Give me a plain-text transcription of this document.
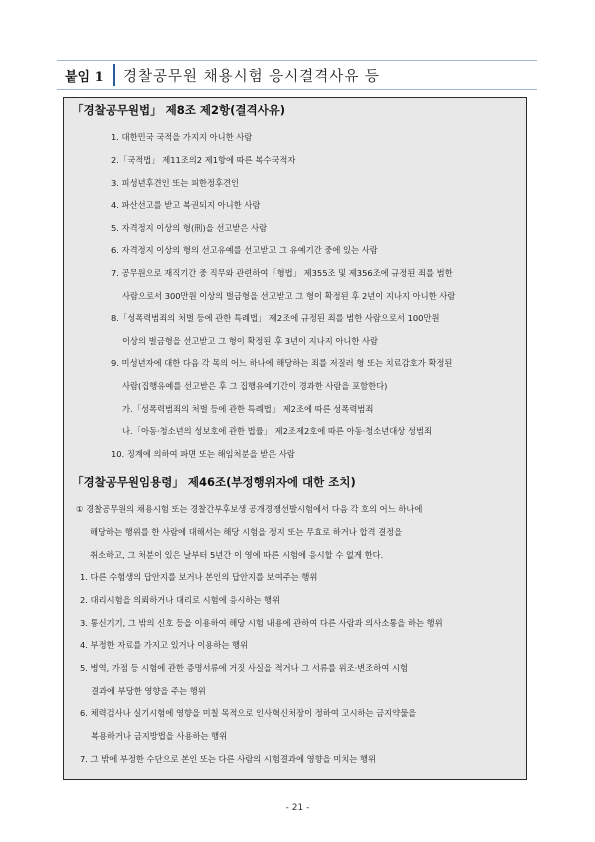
붙임 1	경찰공무원 채용시험 응시결격사유 등
「경찰공무원법」 제8조 제2항(결격사유)
1. 대한민국 국적을 가지지 아니한 사람
2.「국적법」 제11조의2 제1항에 따른 복수국적자
3. 피성년후견인 또는 피한정후견인
4. 파산선고를 받고 복권되지 아니한 사람
5. 자격정지 이상의 형(刑)을 선고받은 사람
6. 자격정지 이상의 형의 선고유예를 선고받고 그 유예기간 중에 있는 사람
7. 공무원으로 재직기간 중 직무와 관련하여「형법」 제355조 및 제356조에 규정된 죄를 범한
사람으로서 300만원 이상의 벌금형을 선고받고 그 형이 확정된 후 2년이 지나지 아니한 사람
8.「성폭력범죄의 처벌 등에 관한 특례법」 제2조에 규정된 죄를 범한 사람으로서 100만원
이상의 벌금형을 선고받고 그 형이 확정된 후 3년이 지나지 아니한 사람
9. 미성년자에 대한 다음 각 목의 어느 하나에 해당하는 죄를 저질러 형 또는 치료감호가 확정된
사람(집행유예를 선고받은 후 그 집행유예기간이 경과한 사람을 포함한다)
가.「성폭력범죄의 처벌 등에 관한 특례법」 제2조에 따른 성폭력범죄
나.「아동·청소년의 성보호에 관한 법률」 제2조제2호에 따른 아동·청소년대상 성범죄
10. 징계에 의하여 파면 또는 해임처분을 받은 사람
「경찰공무원임용령」 제46조(부정행위자에 대한 조치)
① 경찰공무원의 채용시험 또는 경찰간부후보생 공개경쟁선발시험에서 다음 각 호의 어느 하나에
해당하는 행위를 한 사람에 대해서는 해당 시험을 정지 또는 무효로 하거나 합격 결정을
취소하고, 그 처분이 있은 날부터 5년간 이 영에 따른 시험에 응시할 수 없게 한다.
1. 다른 수험생의 답안지를 보거나 본인의 답안지를 보여주는 행위
2. 대리시험을 의뢰하거나 대리로 시험에 응시하는 행위
3. 통신기기, 그 밖의 신호 등을 이용하여 해당 시험 내용에 관하여 다른 사람과 의사소통을 하는 행위
4. 부정한 자료를 가지고 있거나 이용하는 행위
5. 병역, 가점 등 시험에 관한 증명서류에 거짓 사실을 적거나 그 서류를 위조·변조하여 시험
결과에 부당한 영향을 주는 행위
6. 체력검사나 실기시험에 영향을 미칠 목적으로 인사혁신처장이 정하여 고시하는 금지약물을
복용하거나 금지방법을 사용하는 행위
7. 그 밖에 부정한 수단으로 본인 또는 다른 사람의 시험결과에 영향을 미치는 행위
- 21 -
